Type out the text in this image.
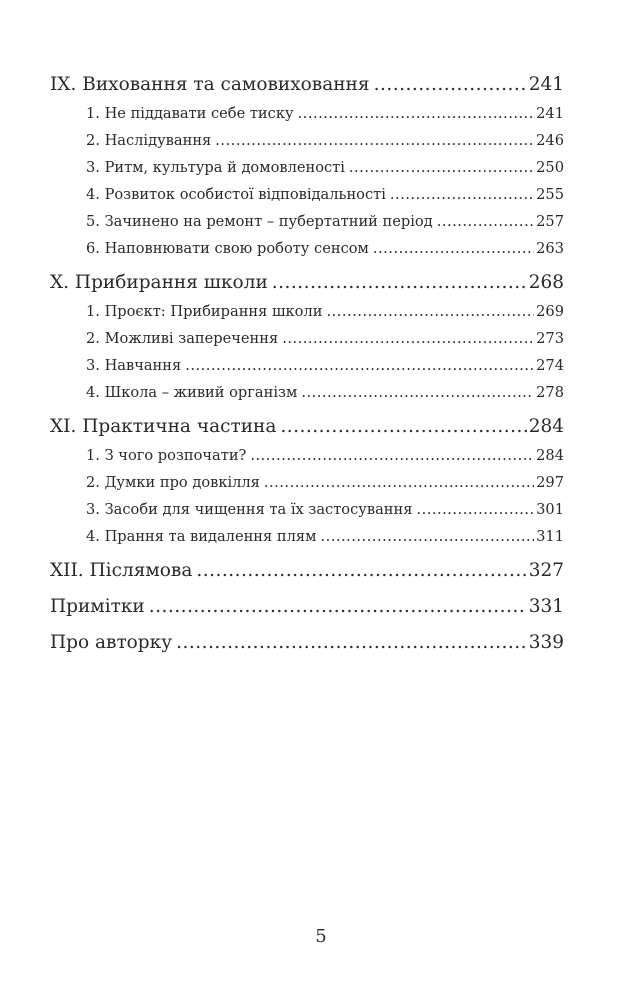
IX. Виховання та самовиховання .....	241
1. Не піддавати себе тиску .....	241
2. Наслідування .....	246
3. Ритм, культура й домовленості .....	250
4. Розвиток особистої відповідальності .....	255
5. Зачинено на ремонт – пубертатний період .....	257
6. Наповнювати свою роботу сенсом .....	263
X. Прибирання школи .....	268
1. Проєкт: Прибирання школи .....	269
2. Можливі заперечення .....	273
3. Навчання .....	274
4. Школа – живий організм .....	278
XI. Практична частина .....	284
1. З чого розпочати? .....	284
2. Думки про довкілля .....	297
3. Засоби для чищення та їх застосування .....	301
4. Прання та видалення плям .....	311
XII. Післямова .....	327
Примітки .....	331
Про авторку .....	339
5
